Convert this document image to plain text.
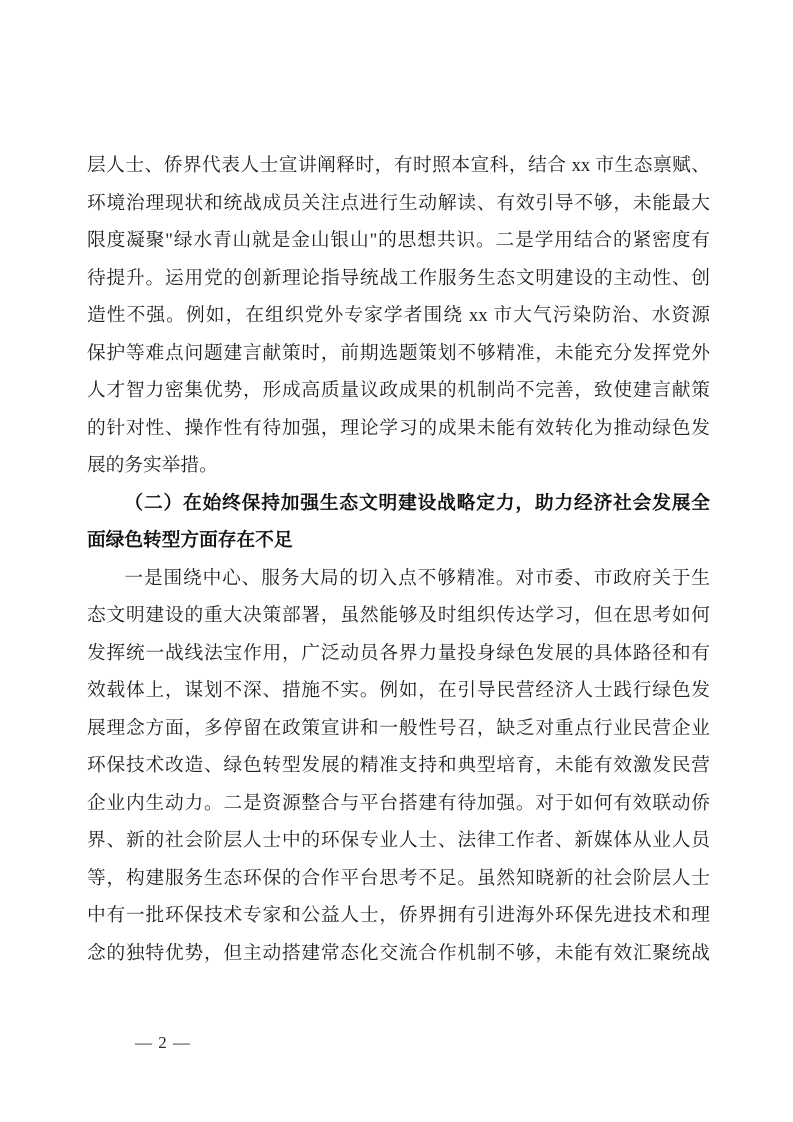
层人士、侨界代表人士宣讲阐释时，有时照本宣科，结合 xx 市生态禀赋、
环境治理现状和统战成员关注点进行生动解读、有效引导不够，未能最大
限度凝聚"绿水青山就是金山银山"的思想共识。二是学用结合的紧密度有
待提升。运用党的创新理论指导统战工作服务生态文明建设的主动性、创
造性不强。例如，在组织党外专家学者围绕 xx 市大气污染防治、水资源
保护等难点问题建言献策时，前期选题策划不够精准，未能充分发挥党外
人才智力密集优势，形成高质量议政成果的机制尚不完善，致使建言献策
的针对性、操作性有待加强，理论学习的成果未能有效转化为推动绿色发
展的务实举措。
（二）在始终保持加强生态文明建设战略定力，助力经济社会发展全
面绿色转型方面存在不足
一是围绕中心、服务大局的切入点不够精准。对市委、市政府关于生
态文明建设的重大决策部署，虽然能够及时组织传达学习，但在思考如何
发挥统一战线法宝作用，广泛动员各界力量投身绿色发展的具体路径和有
效载体上，谋划不深、措施不实。例如，在引导民营经济人士践行绿色发
展理念方面，多停留在政策宣讲和一般性号召，缺乏对重点行业民营企业
环保技术改造、绿色转型发展的精准支持和典型培育，未能有效激发民营
企业内生动力。二是资源整合与平台搭建有待加强。对于如何有效联动侨
界、新的社会阶层人士中的环保专业人士、法律工作者、新媒体从业人员
等，构建服务生态环保的合作平台思考不足。虽然知晓新的社会阶层人士
中有一批环保技术专家和公益人士，侨界拥有引进海外环保先进技术和理
念的独特优势，但主动搭建常态化交流合作机制不够，未能有效汇聚统战
— 2 —
